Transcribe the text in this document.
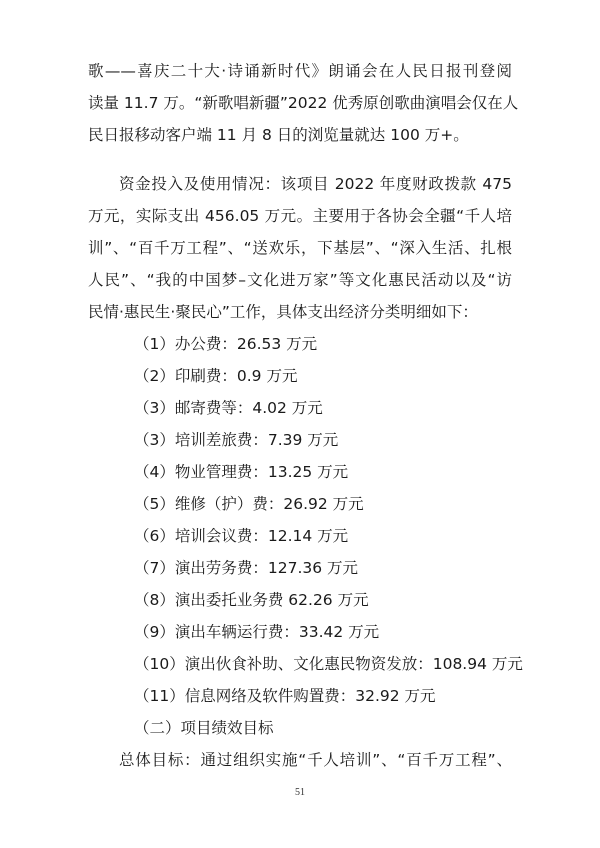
歌——喜庆二十大·诗诵新时代》朗诵会在人民日报刊登阅
读量 11.7 万。“新歌唱新疆”2022 优秀原创歌曲演唱会仅在人
民日报移动客户端 11 月 8 日的浏览量就达 100 万+。
资金投入及使用情况：该项目 2022 年度财政拨款 475
万元，实际支出 456.05 万元。主要用于各协会全疆“千人培
训”、“百千万工程”、“送欢乐，下基层”、“深入生活、扎根
人民”、“我的中国梦–文化进万家”等文化惠民活动以及“访
民情·惠民生·聚民心”工作，具体支出经济分类明细如下：
（1）办公费：26.53 万元
（2）印刷费：0.9 万元
（3）邮寄费等：4.02 万元
（3）培训差旅费：7.39 万元
（4）物业管理费：13.25 万元
（5）维修（护）费：26.92 万元
（6）培训会议费：12.14 万元
（7）演出劳务费：127.36 万元
（8）演出委托业务费 62.26 万元
（9）演出车辆运行费：33.42 万元
（10）演出伙食补助、文化惠民物资发放：108.94 万元
（11）信息网络及软件购置费：32.92 万元
（二）项目绩效目标
总体目标：通过组织实施“千人培训”、“百千万工程”、
51
